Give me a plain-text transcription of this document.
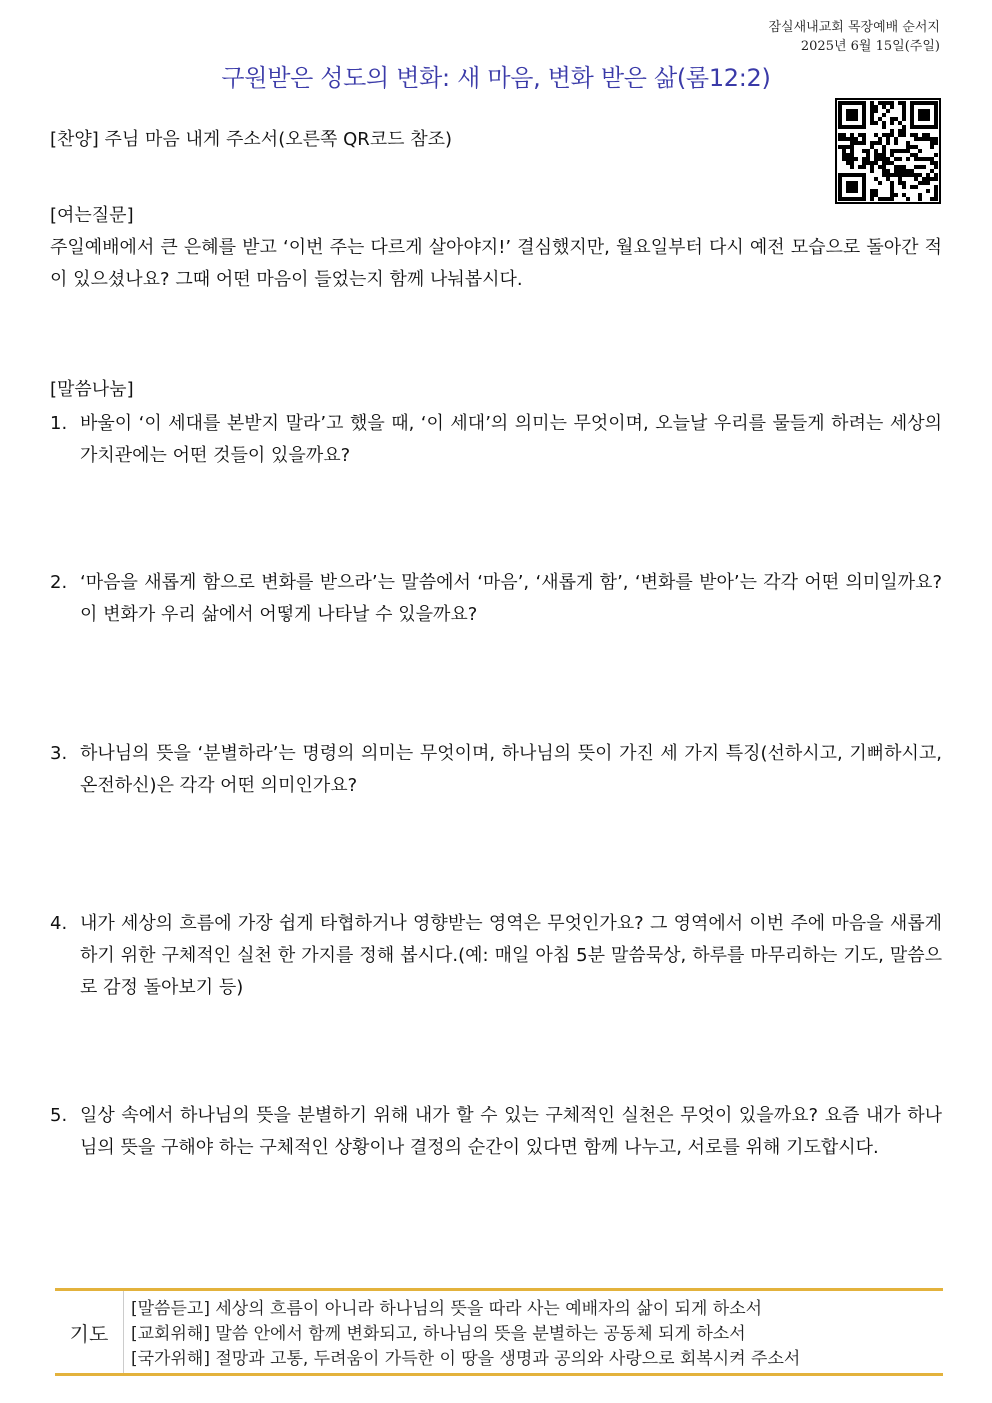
잠실새내교회 목장예배 순서지
2025년 6월 15일(주일)
구원받은 성도의 변화: 새 마음, 변화 받은 삶(롬12:2)
[찬양] 주님 마음 내게 주소서(오른쪽 QR코드 참조)
[여는질문]
주일예배에서 큰 은혜를 받고 ‘이번 주는 다르게 살아야지!’ 결심했지만, 월요일부터 다시 예전 모습으로 돌아간 적이 있으셨나요? 그때 어떤 마음이 들었는지 함께 나눠봅시다.
[말씀나눔]
1. 바울이 ‘이 세대를 본받지 말라’고 했을 때, ‘이 세대’의 의미는 무엇이며, 오늘날 우리를 물들게 하려는 세상의 가치관에는 어떤 것들이 있을까요?
2. ‘마음을 새롭게 함으로 변화를 받으라’는 말씀에서 ‘마음’, ‘새롭게 함’, ‘변화를 받아’는 각각 어떤 의미일까요? 이 변화가 우리 삶에서 어떻게 나타날 수 있을까요?
3. 하나님의 뜻을 ‘분별하라’는 명령의 의미는 무엇이며, 하나님의 뜻이 가진 세 가지 특징(선하시고, 기뻐하시고, 온전하신)은 각각 어떤 의미인가요?
4. 내가 세상의 흐름에 가장 쉽게 타협하거나 영향받는 영역은 무엇인가요? 그 영역에서 이번 주에 마음을 새롭게 하기 위한 구체적인 실천 한 가지를 정해 봅시다.(예: 매일 아침 5분 말씀묵상, 하루를 마무리하는 기도, 말씀으로 감정 돌아보기 등)
5. 일상 속에서 하나님의 뜻을 분별하기 위해 내가 할 수 있는 구체적인 실천은 무엇이 있을까요? 요즘 내가 하나님의 뜻을 구해야 하는 구체적인 상황이나 결정의 순간이 있다면 함께 나누고, 서로를 위해 기도합시다.
기도
[말씀듣고] 세상의 흐름이 아니라 하나님의 뜻을 따라 사는 예배자의 삶이 되게 하소서
[교회위해] 말씀 안에서 함께 변화되고, 하나님의 뜻을 분별하는 공동체 되게 하소서
[국가위해] 절망과 고통, 두려움이 가득한 이 땅을 생명과 공의와 사랑으로 회복시켜 주소서
